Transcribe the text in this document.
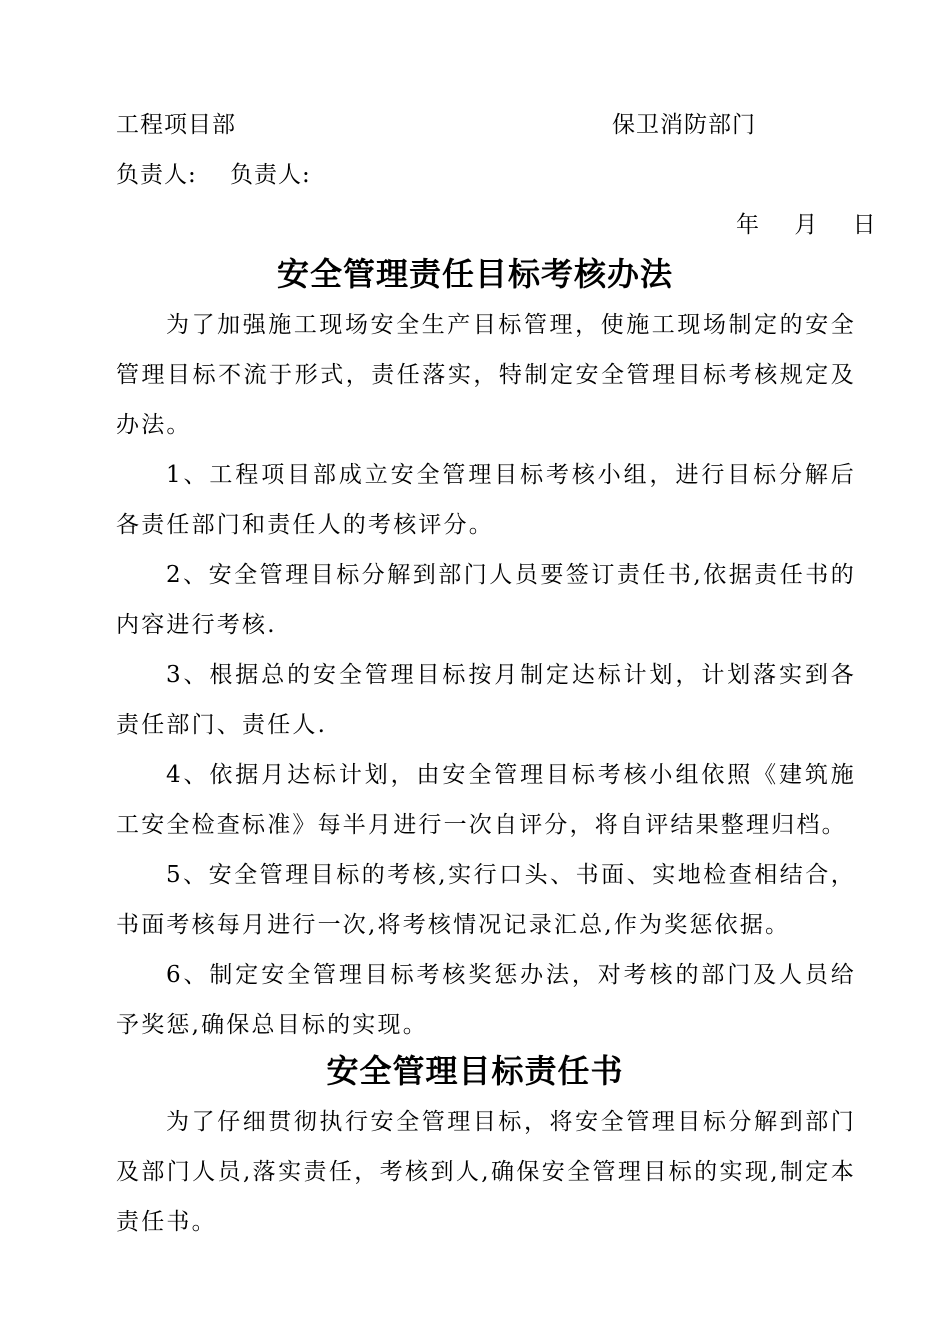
工程项目部	保卫消防部门
负责人:    负责人:
年 月 日
安全管理责任目标考核办法
为了加强施工现场安全生产目标管理，使施工现场制定的安全管理目标不流于形式，责任落实，特制定安全管理目标考核规定及办法。
1、工程项目部成立安全管理目标考核小组，进行目标分解后各责任部门和责任人的考核评分。
2、安全管理目标分解到部门人员要签订责任书,依据责任书的内容进行考核.
3、根据总的安全管理目标按月制定达标计划，计划落实到各责任部门、责任人.
4、依据月达标计划，由安全管理目标考核小组依照《建筑施工安全检查标准》每半月进行一次自评分，将自评结果整理归档。
5、安全管理目标的考核,实行口头、书面、实地检查相结合，书面考核每月进行一次,将考核情况记录汇总,作为奖惩依据。
6、制定安全管理目标考核奖惩办法，对考核的部门及人员给予奖惩,确保总目标的实现。
安全管理目标责任书
为了仔细贯彻执行安全管理目标，将安全管理目标分解到部门及部门人员,落实责任，考核到人,确保安全管理目标的实现,制定本责任书。
